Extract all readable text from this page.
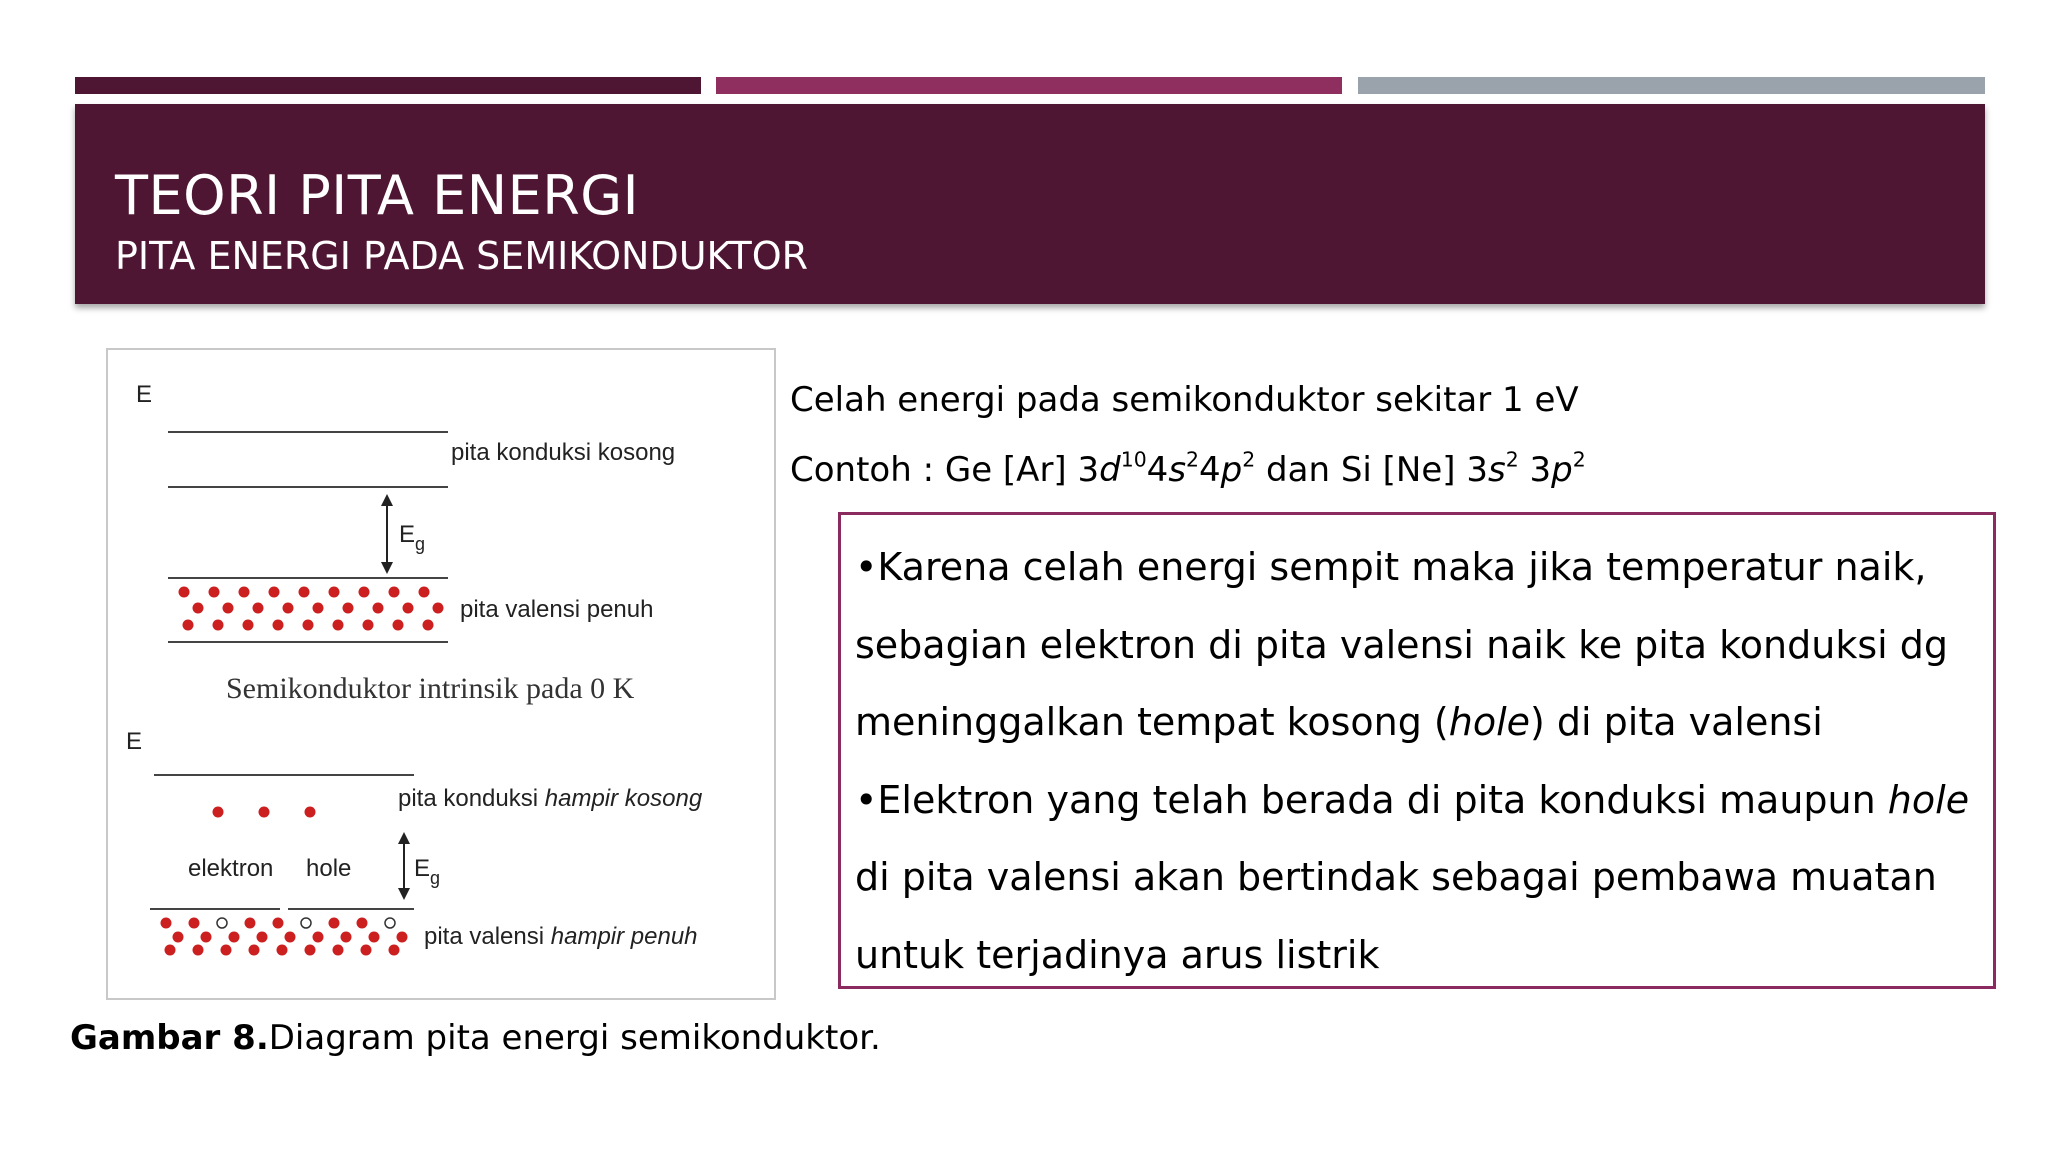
TEORI PITA ENERGI
PITA ENERGI PADA SEMIKONDUKTOR
E
pita konduksi kosong
$E_g$
pita valensi penuh
Semikonduktor intrinsik pada 0 K
E
pita konduksi hampir kosong
elektron hole	$E_g$
pita valensi hampir penuh
Gambar 8.Diagram pita energi semikonduktor.
Celah energi pada semikonduktor sekitar 1 eV
Contoh : Ge [Ar] $3d^{10}4s^24p^2$ dan Si [Ne] $3s^2$ $3p^2$
•Karena celah energi sempit maka jika temperatur naik, sebagian elektron di pita valensi naik ke pita konduksi dg meninggalkan tempat kosong (hole) di pita valensi
•Elektron yang telah berada di pita konduksi maupun hole di pita valensi akan bertindak sebagai pembawa muatan untuk terjadinya arus listrik
